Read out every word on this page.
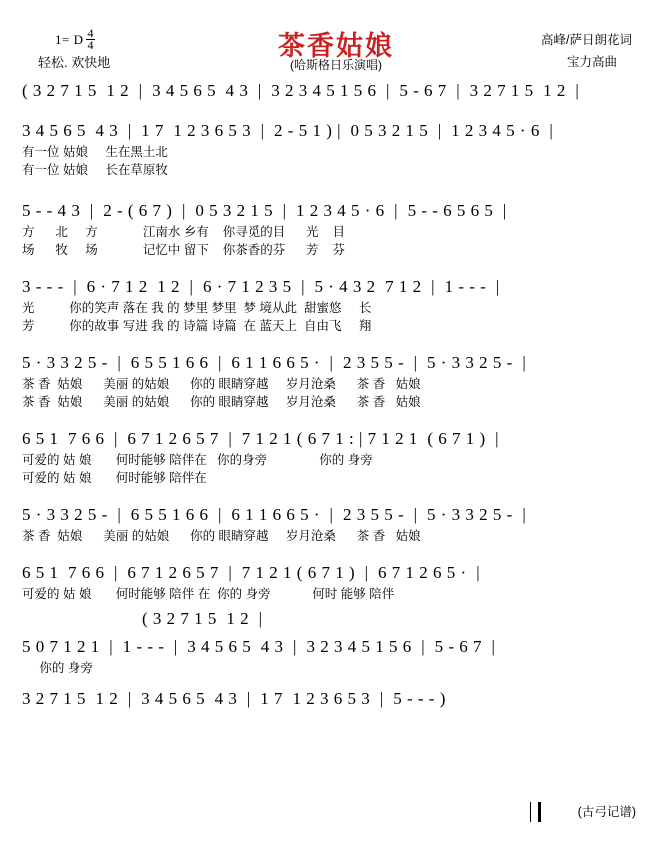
1= D $\frac{4}{4}$
轻松. 欢快地
茶香姑娘
(哈斯格日乐演唱)
高峰/萨日朗花词
宝力高曲
( 3 2 7 1 5  1 2  |  3 4 5 6 5  4 3  |  3 2 3 4 5 1 5 6  |  5 - 6 7  |  3 2 7 1 5  1 2  |
3 4 5 6 5  4 3  |  1 7  1 2 3 6 5 3  |  2 - 5 1 ) |  0 5 3 2 1 5  |  1 2 3 4 5 · 6  |
有一位 姑娘     生在黑土北
有一位 姑娘     长在草原牧
5 - - 4 3  |  2 - ( 6 7 )  |  0 5 3 2 1 5  |  1 2 3 4 5 · 6  |  5 - - 6 5 6 5  |
方      北     方             江南水 乡有    你寻觅的目      光    目
场      牧     场             记忆中 留下    你茶香的芬      芳    芬
3 - - -  |  6 · 7 1 2  1 2  |  6 · 7 1 2 3 5  |  5 · 4 3 2  7 1 2  |  1 - - -  |
光          你的笑声 落在 我 的 梦里 梦里  梦 境从此  甜蜜悠     长
芳          你的故事 写进 我 的 诗篇 诗篇  在 蓝天上  自由飞     翔
5 · 3 3 2 5 -  |  6 5 5 1 6 6  |  6 1 1 6 6 5 ·  |  2 3 5 5 -  |  5 · 3 3 2 5 -  |
茶 香  姑娘      美丽 的姑娘      你的 眼睛穿越     岁月沧桑      茶 香   姑娘
茶 香  姑娘      美丽 的姑娘      你的 眼睛穿越     岁月沧桑      茶 香   姑娘
6 5 1  7 6 6  |  6 7 1 2 6 5 7  |  7 1 2 1 ( 6 7 1 : | 7 1 2 1  ( 6 7 1 )  |
可爱的 姑 娘       何时能够 陪伴在   你的身旁               你的 身旁
可爱的 姑 娘       何时能够 陪伴在
5 · 3 3 2 5 -  |  6 5 5 1 6 6  |  6 1 1 6 6 5 ·  |  2 3 5 5 -  |  5 · 3 3 2 5 -  |
茶 香  姑娘      美丽 的姑娘      你的 眼睛穿越     岁月沧桑      茶 香   姑娘
6 5 1  7 6 6  |  6 7 1 2 6 5 7  |  7 1 2 1 ( 6 7 1 )  |  6 7 1 2 6 5 ·  |
可爱的 姑 娘       何时能够 陪伴 在  你的 身旁            何时 能够 陪伴
( 3 2 7 1 5  1 2  |
5 0 7 1 2 1  |  1 - - -  |  3 4 5 6 5  4 3  |  3 2 3 4 5 1 5 6  |  5 - 6 7  |
你的 身旁
3 2 7 1 5  1 2  |  3 4 5 6 5  4 3  |  1 7  1 2 3 6 5 3  |  5 - - - )
(古弓记谱)
